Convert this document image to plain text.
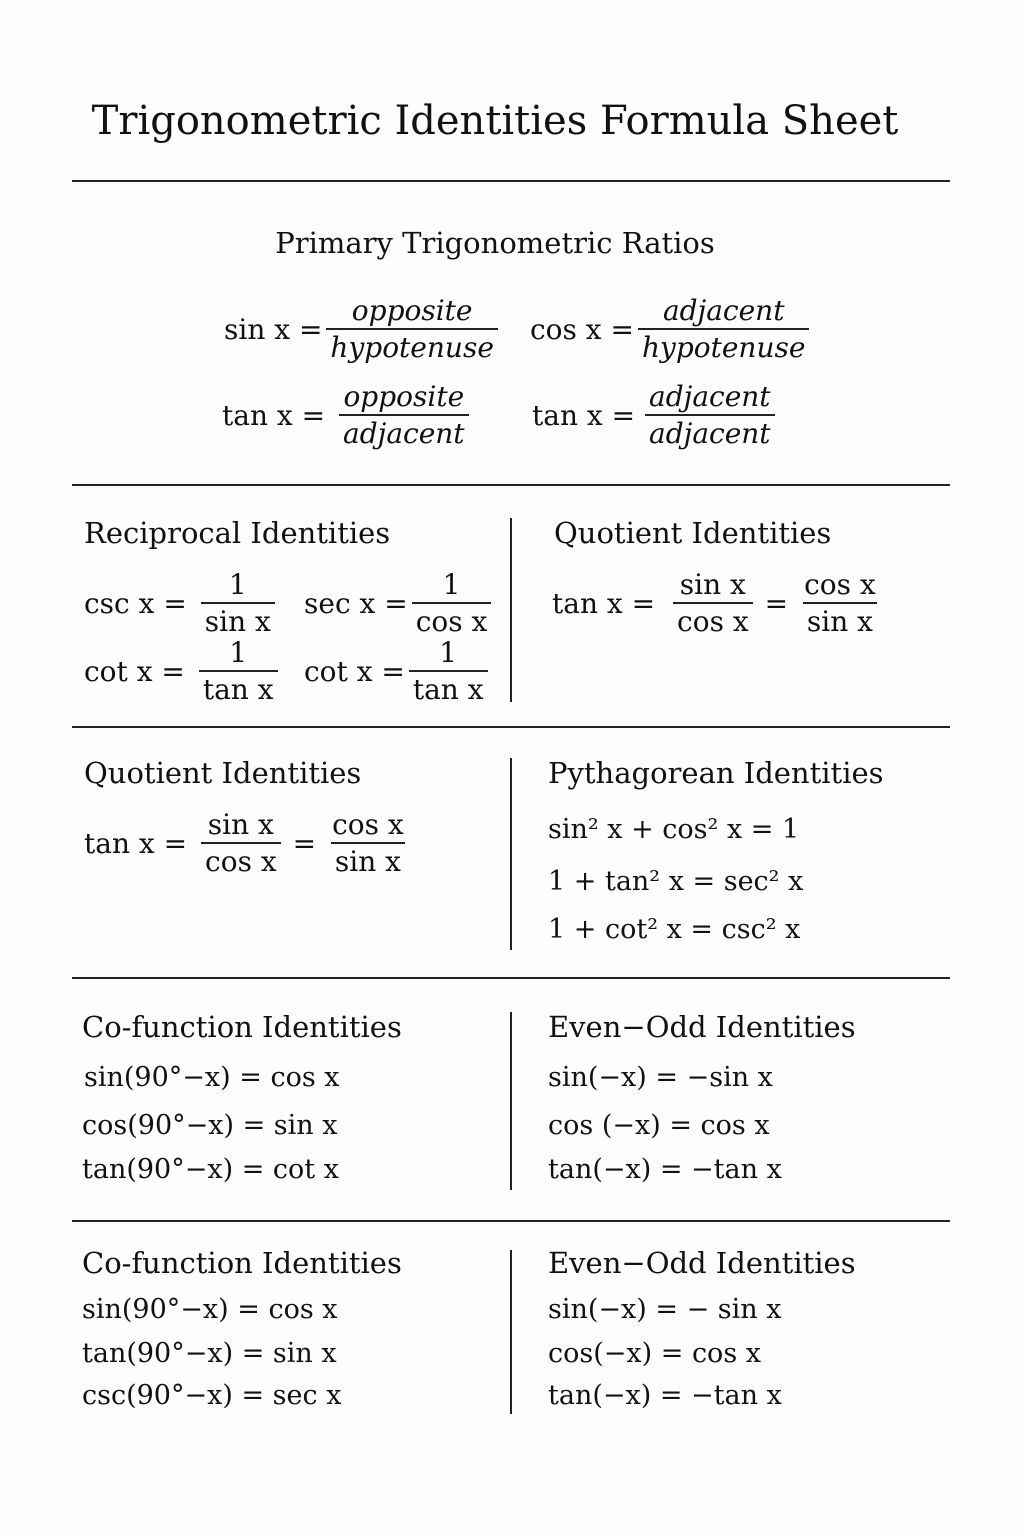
Trigonometric Identities Formula Sheet
Primary Trigonometric Ratios
$\sin x = \frac{\text{opposite}}{\text{hypotenuse}}$ $\cos x = \frac{\text{adjacent}}{\text{hypotenuse}}$
$\tan x = \frac{\text{opposite}}{\text{adjacent}}$ $\tan x = \frac{\text{adjacent}}{\text{adjacent}}$
Reciprocal Identities
$\csc x = \frac{1}{\text{sin x}}$ $\sec x = \frac{1}{\text{cos x}}$
$\cot x = \frac{1}{\text{tan x}}$ $\cot x = \frac{1}{\text{tan x}}$
Quotient Identities
$\tan x = \frac{\text{sin x}}{\text{cos x}} = \frac{\text{cos x}}{\text{sin x}}$
Quotient Identities
$\tan x = \frac{\text{sin x}}{\text{cos x}} = \frac{\text{cos x}}{\text{sin x}}$
Pythagorean Identities
sin² x + cos² x = 1
1 + tan² x = sec² x
1 + cot² x = csc² x
Co-function Identities
sin(90°−x) = cos x
cos(90°−x) = sin x
tan(90°−x) = cot x
Even−Odd Identities
sin(−x) = −sin x
cos (−x) = cos x
tan(−x) = −tan x
Co-function Identities
sin(90°−x) = cos x
tan(90°−x) = sin x
csc(90°−x) = sec x
Even−Odd Identities
sin(−x) = − sin x
cos(−x) = cos x
tan(−x) = −tan x
